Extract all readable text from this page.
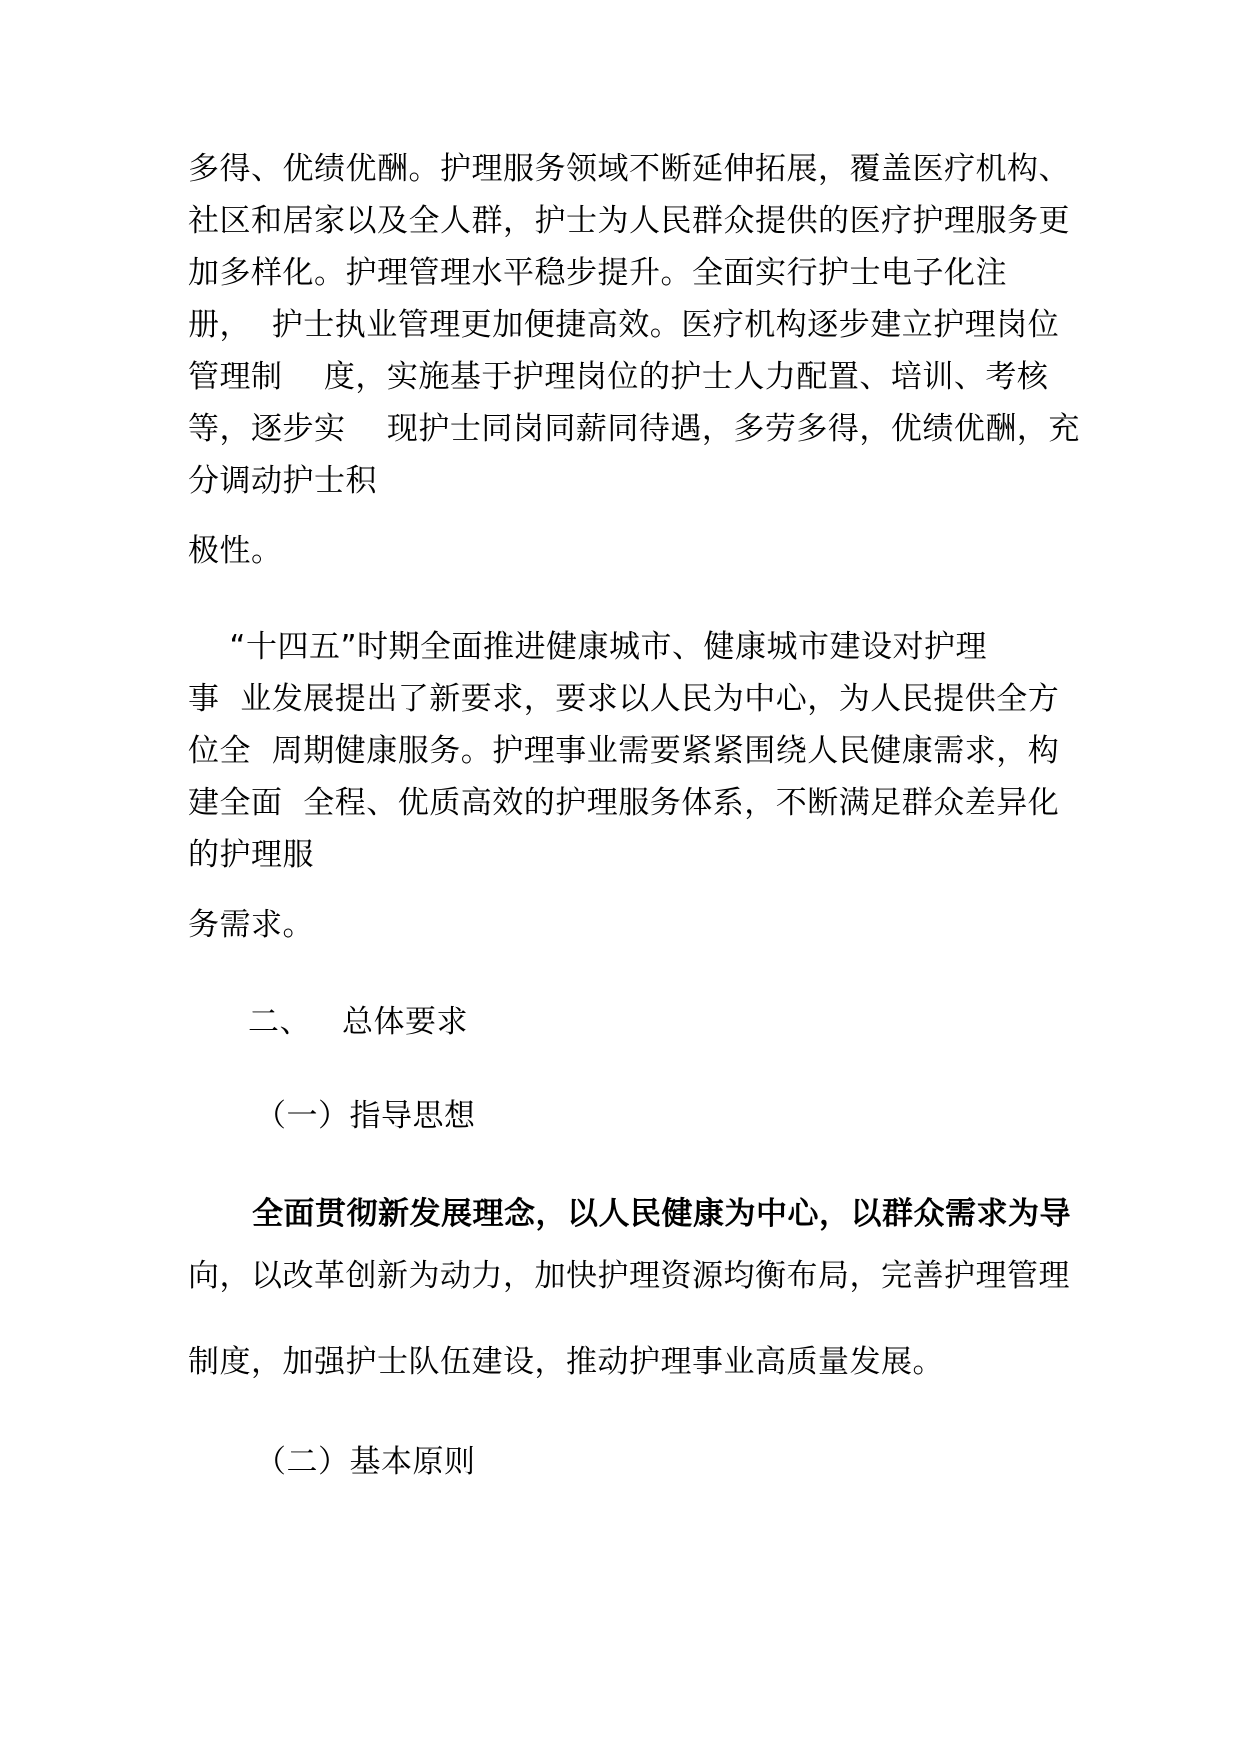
多得、优绩优酬。护理服务领域不断延伸拓展，覆盖医疗机构、
社区和居家以及全人群，护士为人民群众提供的医疗护理服务更
加多样化。护理管理水平稳步提升。全面实行护士电子化注
册，  护士执业管理更加便捷高效。医疗机构逐步建立护理岗位
管理制    度，实施基于护理岗位的护士人力配置、培训、考核
等，逐步实    现护士同岗同薪同待遇，多劳多得，优绩优酬，充
分调动护士积
极性。
“十四五”时期全面推进健康城市、健康城市建设对护理
事  业发展提出了新要求，要求以人民为中心，为人民提供全方
位全  周期健康服务。护理事业需要紧紧围绕人民健康需求，构
建全面  全程、优质高效的护理服务体系，不断满足群众差异化
的护理服
务需求。
二、   总体要求
（一）指导思想
全面贯彻新发展理念，以人民健康为中心，以群众需求为导
向，以改革创新为动力，加快护理资源均衡布局，完善护理管理
制度，加强护士队伍建设，推动护理事业高质量发展。
（二）基本原则
